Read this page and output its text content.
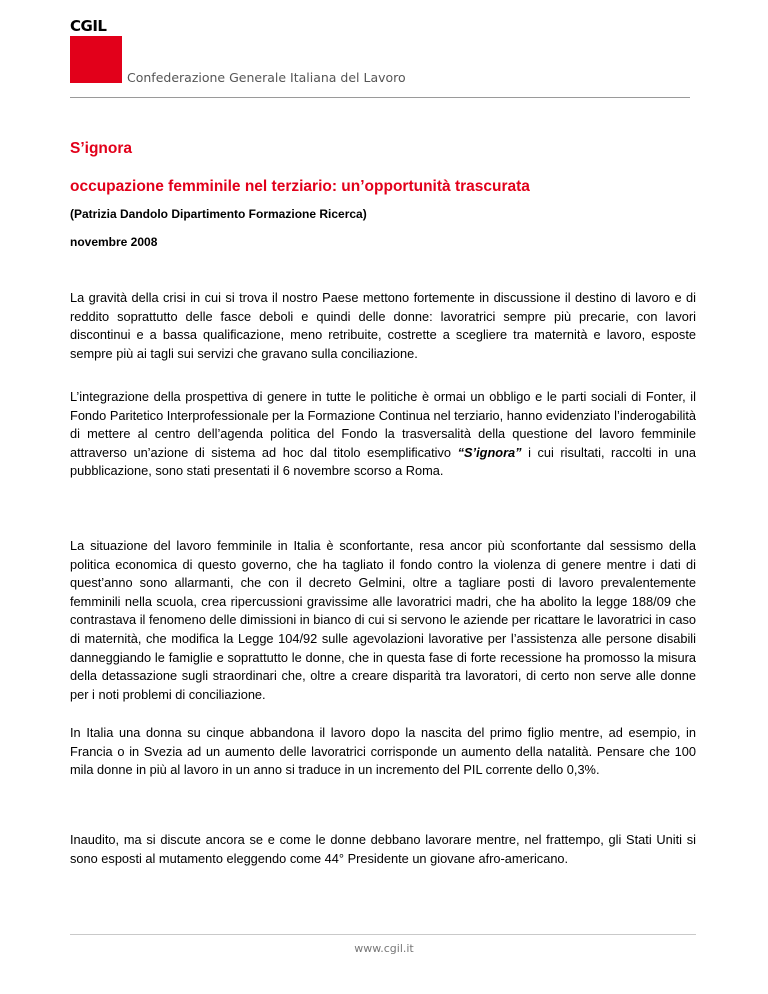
CGIL
Confederazione Generale Italiana del Lavoro
S’ignora
occupazione femminile nel terziario: un’opportunità trascurata

(Patrizia Dandolo Dipartimento Formazione Ricerca)

novembre 2008

La gravità della crisi in cui si trova il nostro Paese mettono fortemente in discussione il destino di lavoro e di reddito soprattutto delle fasce deboli e quindi delle donne: lavoratrici sempre più precarie, con lavori discontinui e a bassa qualificazione, meno retribuite, costrette a scegliere tra maternità e lavoro, esposte sempre più ai tagli sui servizi che gravano sulla conciliazione.

L’integrazione della prospettiva di genere in tutte le politiche è ormai un obbligo e le parti sociali di Fonter, il Fondo Paritetico Interprofessionale per la Formazione Continua nel terziario, hanno evidenziato l’inderogabilità di mettere al centro dell’agenda politica del Fondo la trasversalità della questione del lavoro femminile attraverso un’azione di sistema ad hoc dal titolo esemplificativo “S’ignora” i cui risultati, raccolti in una pubblicazione, sono stati presentati il 6 novembre scorso a Roma.

La situazione del lavoro femminile in Italia è sconfortante, resa ancor più sconfortante dal sessismo della politica economica di questo governo, che ha tagliato il fondo contro la violenza di genere mentre i dati di quest’anno sono allarmanti, che con il decreto Gelmini, oltre a tagliare posti di lavoro prevalentemente femminili nella scuola, crea ripercussioni gravissime alle lavoratrici madri, che ha abolito la legge 188/09 che contrastava il fenomeno delle dimissioni in bianco di cui si servono le aziende per ricattare le lavoratrici in caso di maternità, che modifica la Legge 104/92 sulle agevolazioni lavorative per l’assistenza alle persone disabili danneggiando le famiglie e soprattutto le donne, che in questa fase di forte recessione ha promosso la misura della detassazione sugli straordinari che, oltre a creare disparità tra lavoratori, di certo non serve alle donne per i noti problemi di conciliazione.

In Italia una donna su cinque abbandona il lavoro dopo la nascita del primo figlio mentre, ad esempio, in Francia o in Svezia ad un aumento delle lavoratrici corrisponde un aumento della natalità. Pensare che 100 mila donne in più al lavoro in un anno si traduce in un incremento del PIL corrente dello 0,3%.

Inaudito, ma si discute ancora se e come le donne debbano lavorare mentre, nel frattempo, gli Stati Uniti si sono esposti al mutamento eleggendo come 44° Presidente un giovane afro-americano.

www.cgil.it
